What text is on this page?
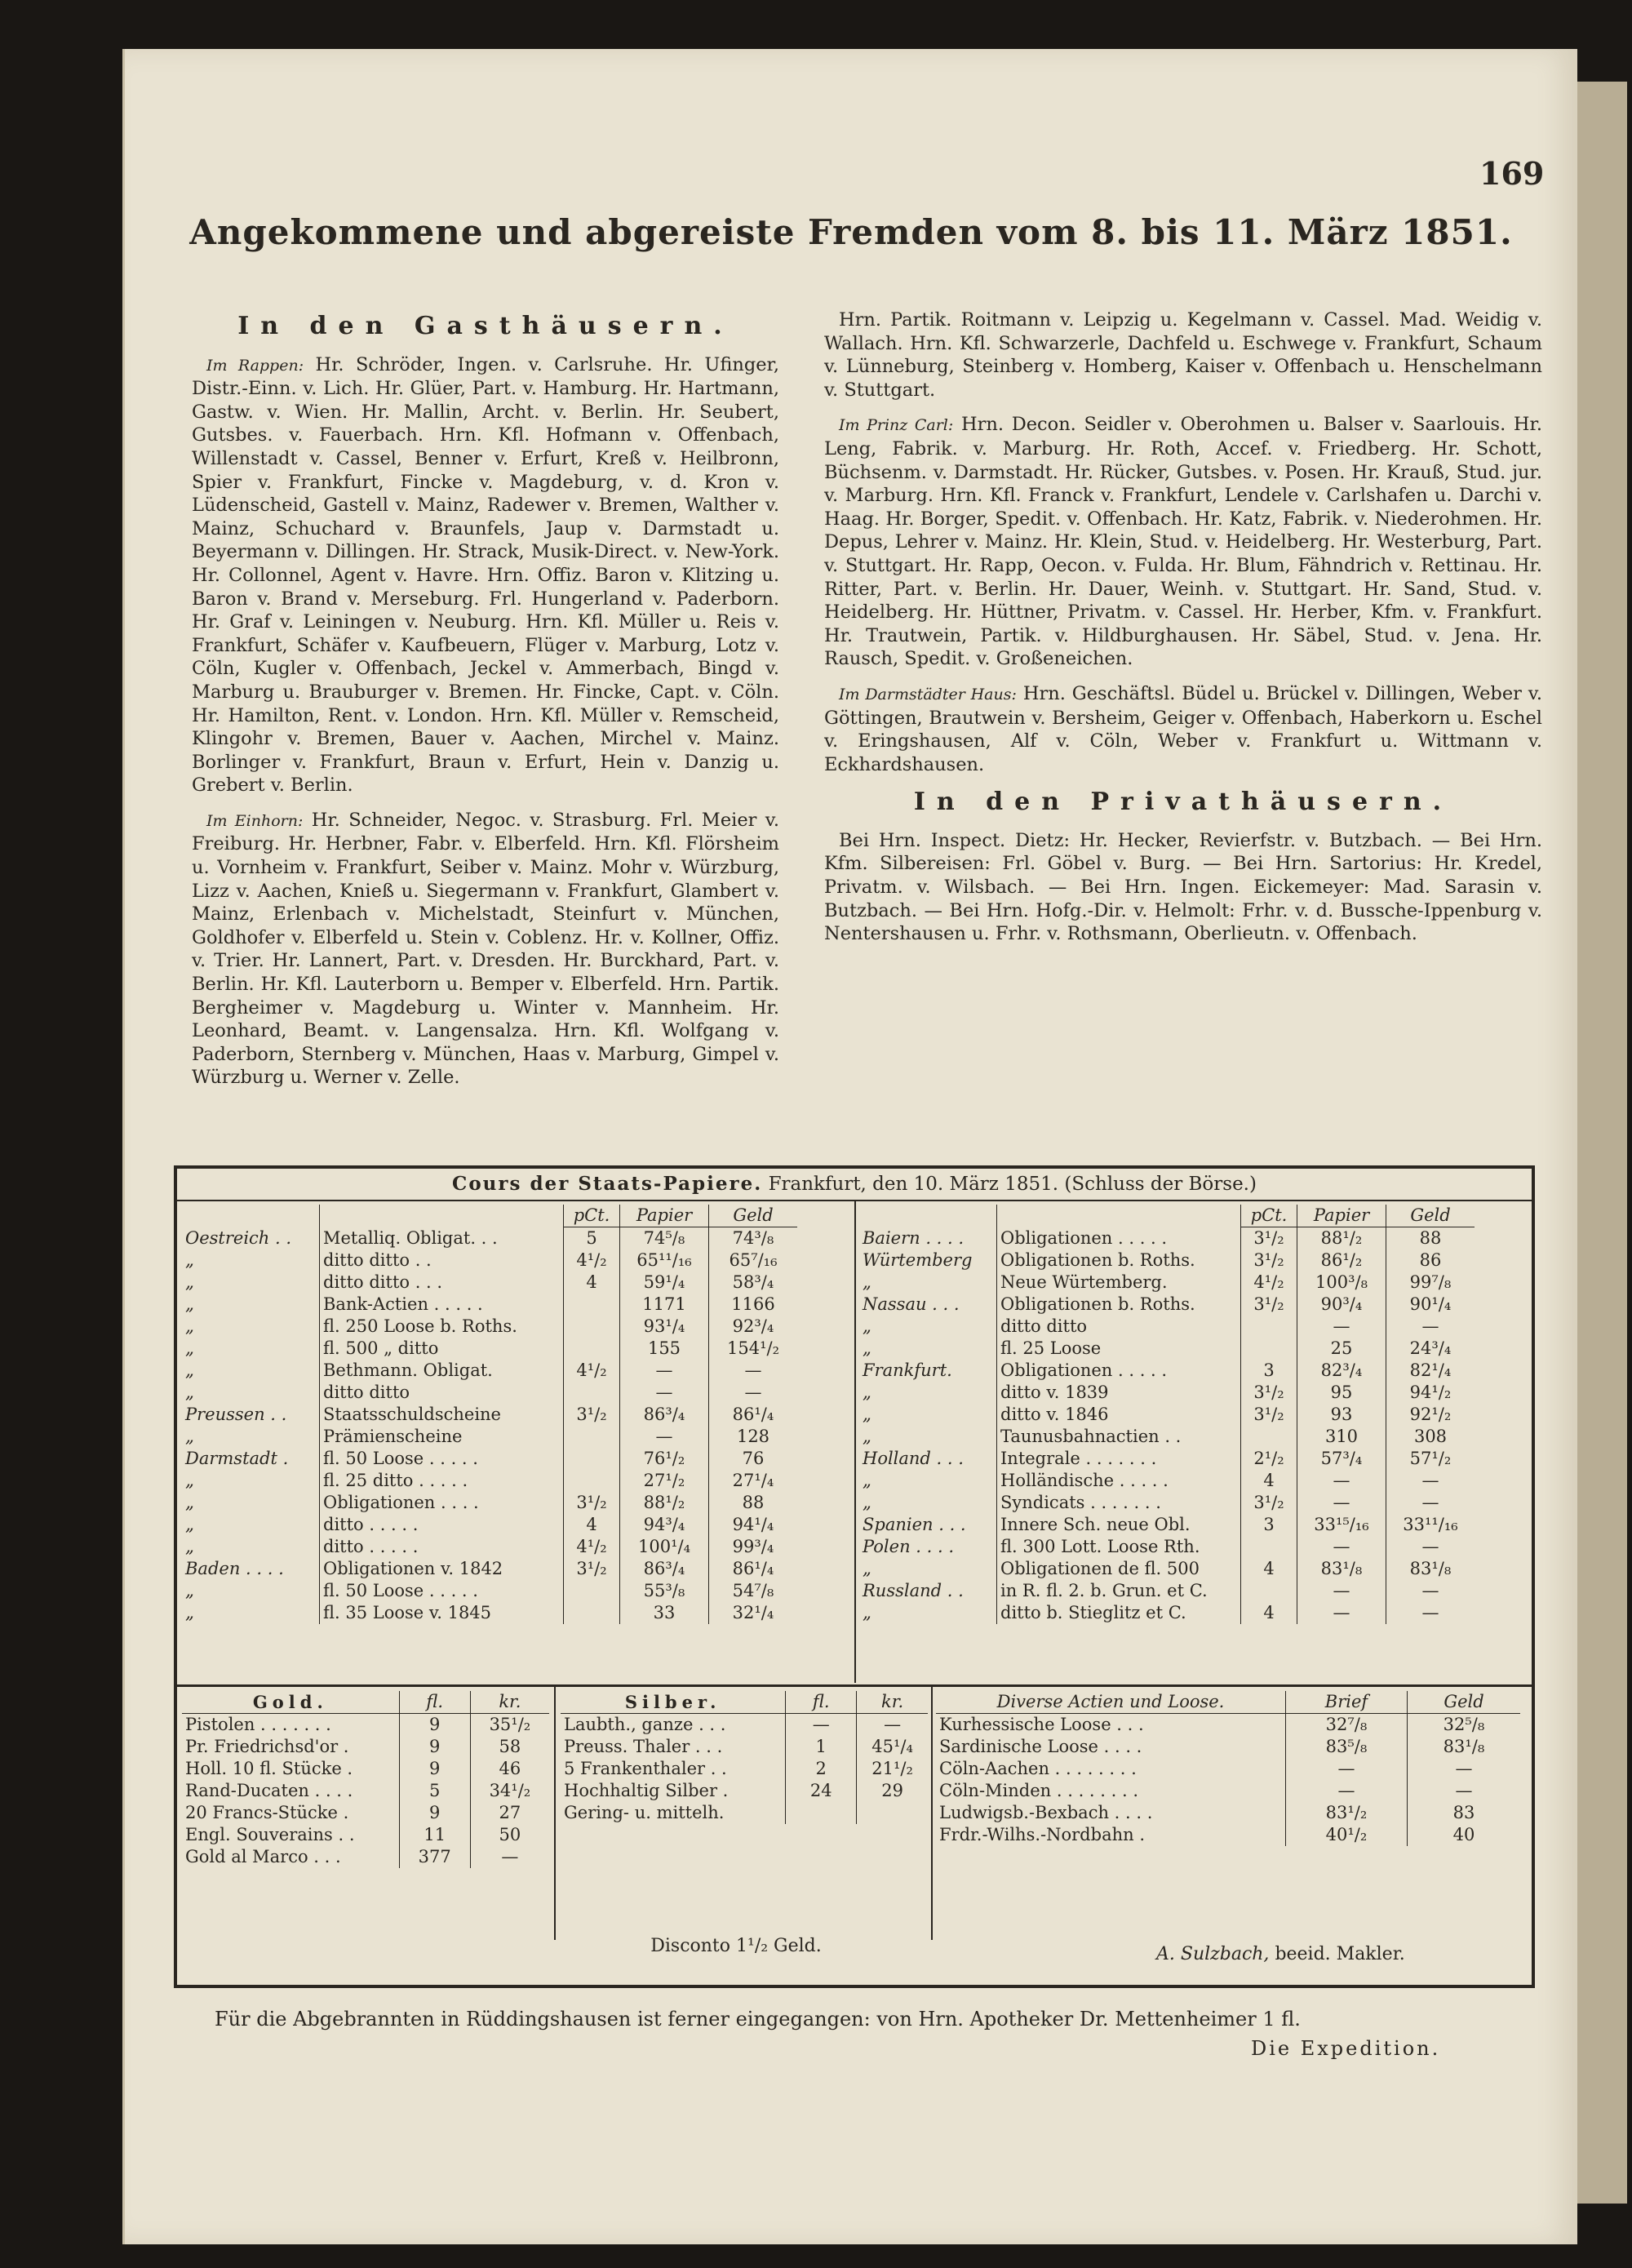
169
Angekommene und abgereiste Fremden vom 8. bis 11. März 1851.
In den Gasthäusern.

Im Rappen: Hr. Schröder, Ingen. v. Carlsruhe. Hr. Ufinger, Distr.-Einn. v. Lich. Hr. Glüer, Part. v. Hamburg. Hr. Hartmann, Gastw. v. Wien. Hr. Mallin, Archt. v. Berlin. Hr. Seubert, Gutsbes. v. Fauerbach. Hrn. Kfl. Hofmann v. Offenbach, Willenstadt v. Cassel, Benner v. Erfurt, Kreß v. Heilbronn, Spier v. Frankfurt, Fincke v. Magdeburg, v. d. Kron v. Lüdenscheid, Gastell v. Mainz, Radewer v. Bremen, Walther v. Mainz, Schuchard v. Braunfels, Jaup v. Darmstadt u. Beyermann v. Dillingen. Hr. Strack, Musik-Direct. v. New-York. Hr. Collonnel, Agent v. Havre. Hrn. Offiz. Baron v. Klitzing u. Baron v. Brand v. Merseburg. Frl. Hungerland v. Paderborn. Hr. Graf v. Leiningen v. Neuburg. Hrn. Kfl. Müller u. Reis v. Frankfurt, Schäfer v. Kaufbeuern, Flüger v. Marburg, Lotz v. Cöln, Kugler v. Offenbach, Jeckel v. Ammerbach, Bingd v. Marburg u. Brauburger v. Bremen. Hr. Fincke, Capt. v. Cöln. Hr. Hamilton, Rent. v. London. Hrn. Kfl. Müller v. Remscheid, Klingohr v. Bremen, Bauer v. Aachen, Mirchel v. Mainz. Borlinger v. Frankfurt, Braun v. Erfurt, Hein v. Danzig u. Grebert v. Berlin.

Im Einhorn: Hr. Schneider, Negoc. v. Strasburg. Frl. Meier v. Freiburg. Hr. Herbner, Fabr. v. Elberfeld. Hrn. Kfl. Flörsheim u. Vornheim v. Frankfurt, Seiber v. Mainz. Mohr v. Würzburg, Lizz v. Aachen, Knieß u. Siegermann v. Frankfurt, Glambert v. Mainz, Erlenbach v. Michelstadt, Steinfurt v. München, Goldhofer v. Elberfeld u. Stein v. Coblenz. Hr. v. Kollner, Offiz. v. Trier. Hr. Lannert, Part. v. Dresden. Hr. Burckhard, Part. v. Berlin. Hr. Kfl. Lauterborn u. Bemper v. Elberfeld. Hrn. Partik. Bergheimer v. Magdeburg u. Winter v. Mannheim. Hr. Leonhard, Beamt. v. Langensalza. Hrn. Kfl. Wolfgang v. Paderborn, Sternberg v. München, Haas v. Marburg, Gimpel v. Würzburg u. Werner v. Zelle.

Hrn. Partik. Roitmann v. Leipzig u. Kegelmann v. Cassel. Mad. Weidig v. Wallach. Hrn. Kfl. Schwarzerle, Dachfeld u. Eschwege v. Frankfurt, Schaum v. Lünneburg, Steinberg v. Homberg, Kaiser v. Offenbach u. Henschelmann v. Stuttgart.

Im Prinz Carl: Hrn. Decon. Seidler v. Oberohmen u. Balser v. Saarlouis. Hr. Leng, Fabrik. v. Marburg. Hr. Roth, Accef. v. Friedberg. Hr. Schott, Büchsenm. v. Darmstadt. Hr. Rücker, Gutsbes. v. Posen. Hr. Krauß, Stud. jur. v. Marburg. Hrn. Kfl. Franck v. Frankfurt, Lendele v. Carlshafen u. Darchi v. Haag. Hr. Borger, Spedit. v. Offenbach. Hr. Katz, Fabrik. v. Niederohmen. Hr. Depus, Lehrer v. Mainz. Hr. Klein, Stud. v. Heidelberg. Hr. Westerburg, Part. v. Stuttgart. Hr. Rapp, Oecon. v. Fulda. Hr. Blum, Fähndrich v. Rettinau. Hr. Ritter, Part. v. Berlin. Hr. Dauer, Weinh. v. Stuttgart. Hr. Sand, Stud. v. Heidelberg. Hr. Hüttner, Privatm. v. Cassel. Hr. Herber, Kfm. v. Frankfurt. Hr. Trautwein, Partik. v. Hildburghausen. Hr. Säbel, Stud. v. Jena. Hr. Rausch, Spedit. v. Großeneichen.

Im Darmstädter Haus: Hrn. Geschäftsl. Büdel u. Brückel v. Dillingen, Weber v. Göttingen, Brautwein v. Bersheim, Geiger v. Offenbach, Haberkorn u. Eschel v. Eringshausen, Alf v. Cöln, Weber v. Frankfurt u. Wittmann v. Eckhardshausen.

In den Privathäusern.

Bei Hrn. Inspect. Dietz: Hr. Hecker, Revierfstr. v. Butzbach. — Bei Hrn. Kfm. Silbereisen: Frl. Göbel v. Burg. — Bei Hrn. Sartorius: Hr. Kredel, Privatm. v. Wilsbach. — Bei Hrn. Ingen. Eickemeyer: Mad. Sarasin v. Butzbach. — Bei Hrn. Hofg.-Dir. v. Helmolt: Frhr. v. d. Bussche-Ippenburg v. Nentershausen u. Frhr. v. Rothsmann, Oberlieutn. v. Offenbach.

Cours der Staats-Papiere. Frankfurt, den 10. März 1851. (Schluss der Börse.)
		pCt.	Papier	Geld
Oestreich . .	Metalliq. Obligat. . .	5	74⁵/₈	74³/₈
„	ditto ditto . .	4¹/₂	65¹¹/₁₆	65⁷/₁₆
„	ditto ditto . . .	4	59¹/₄	58³/₄
„	Bank-Actien . . . . .		1171	1166
„	fl. 250 Loose b. Roths.		93¹/₄	92³/₄
„	fl. 500 „ ditto		155	154¹/₂
„	Bethmann. Obligat.	4¹/₂	—	—
„	ditto ditto		—	—
Preussen . .	Staatsschuldscheine	3¹/₂	86³/₄	86¹/₄
„	Prämienscheine		—	128
Darmstadt .	fl. 50 Loose . . . . .		76¹/₂	76
„	fl. 25 ditto . . . . .		27¹/₂	27¹/₄
„	Obligationen . . . .	3¹/₂	88¹/₂	88
„	ditto . . . . .	4	94³/₄	94¹/₄
„	ditto . . . . .	4¹/₂	100¹/₄	99³/₄
Baden . . . .	Obligationen v. 1842	3¹/₂	86³/₄	86¹/₄
„	fl. 50 Loose . . . . .		55³/₈	54⁷/₈
„	fl. 35 Loose v. 1845		33	32¹/₄
		pCt.	Papier	Geld
Baiern . . . .	Obligationen . . . . .	3¹/₂	88¹/₂	88
Würtemberg	Obligationen b. Roths.	3¹/₂	86¹/₂	86
„	Neue Würtemberg.	4¹/₂	100³/₈	99⁷/₈
Nassau . . .	Obligationen b. Roths.	3¹/₂	90³/₄	90¹/₄
„	ditto ditto		—	—
„	fl. 25 Loose		25	24³/₄
Frankfurt.	Obligationen . . . . .	3	82³/₄	82¹/₄
„	ditto v. 1839	3¹/₂	95	94¹/₂
„	ditto v. 1846	3¹/₂	93	92¹/₂
„	Taunusbahnactien . .		310	308
Holland . . .	Integrale . . . . . . .	2¹/₂	57³/₄	57¹/₂
„	Holländische . . . . .	4	—	—
„	Syndicats . . . . . . .	3¹/₂	—	—
Spanien . . .	Innere Sch. neue Obl.	3	33¹⁵/₁₆	33¹¹/₁₆
Polen . . . .	fl. 300 Lott. Loose Rth.		—	—
„	Obligationen de fl. 500	4	83¹/₈	83¹/₈
Russland . .	in R. fl. 2. b. Grun. et C.		—	—
„	ditto b. Stieglitz et C.	4	—	—
Gold.	fl.	kr.
Pistolen . . . . . . .	9	35¹/₂
Pr. Friedrichsd'or .	9	58
Holl. 10 fl. Stücke .	9	46
Rand-Ducaten . . . .	5	34¹/₂
20 Francs-Stücke .	9	27
Engl. Souverains . .	11	50
Gold al Marco . . .	377	—
Silber.	fl.	kr.
Laubth., ganze . . .	—	—
Preuss. Thaler . . .	1	45¹/₄
5 Frankenthaler . .	2	21¹/₂
Hochhaltig Silber .	24	29
Gering- u. mittelh.		
Diverse Actien und Loose.	Brief	Geld
Kurhessische Loose . . .	32⁷/₈	32⁵/₈
Sardinische Loose . . . .	83⁵/₈	83¹/₈
Cöln-Aachen . . . . . . . .	—	—
Cöln-Minden . . . . . . . .	—	—
Ludwigsb.-Bexbach . . . .	83¹/₂	83
Frdr.-Wilhs.-Nordbahn .	40¹/₂	40
Disconto 1¹/₂ Geld.	A. Sulzbach, beeid. Makler.
Für die Abgebrannten in Rüddingshausen ist ferner eingegangen: von Hrn. Apotheker Dr. Mettenheimer 1 fl.
Die Expedition.
